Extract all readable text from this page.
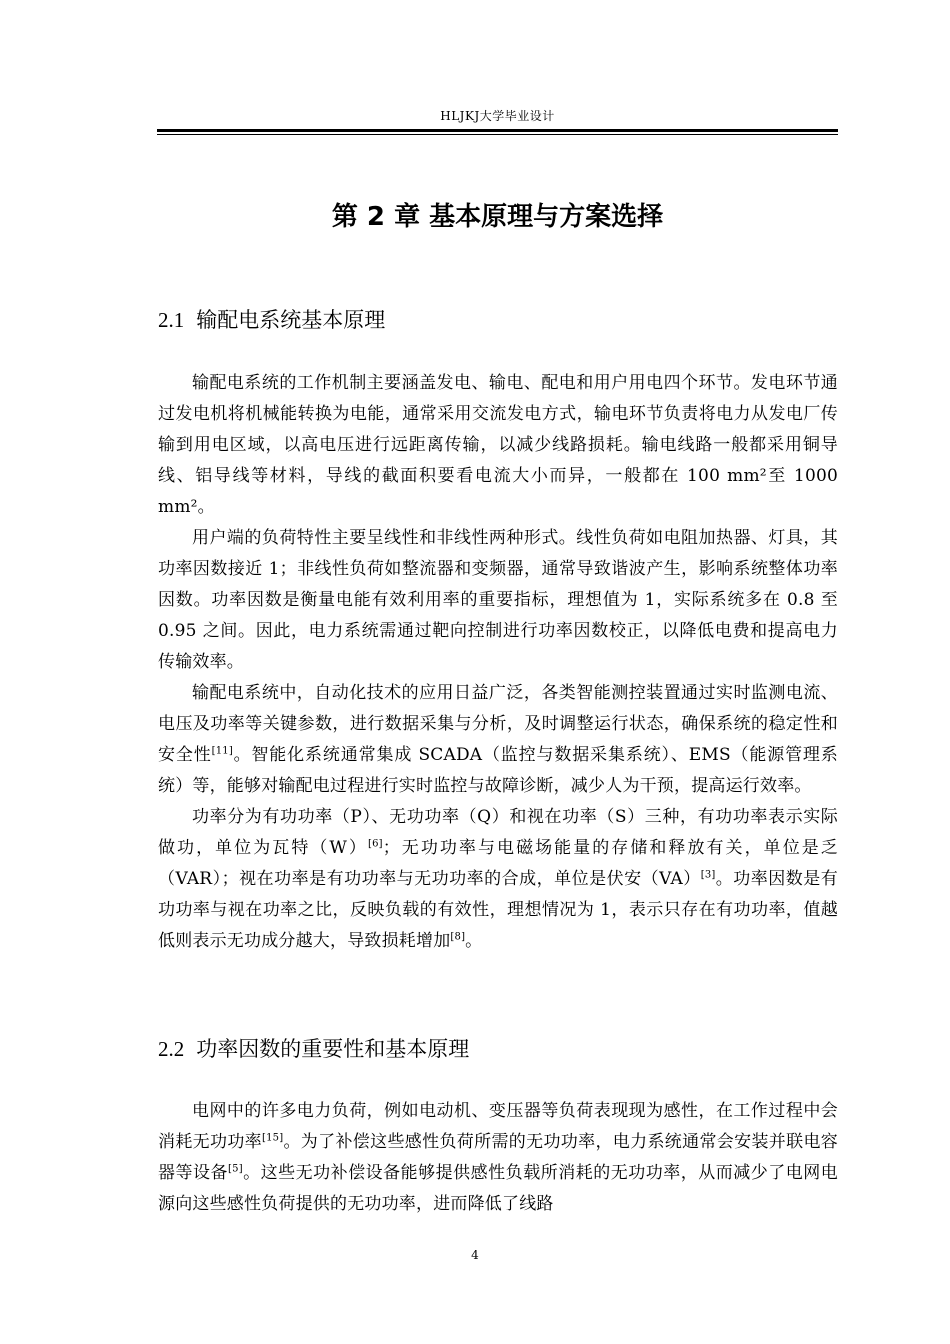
HLJKJ大学毕业设计
第 2 章 基本原理与方案选择
2.1 输配电系统基本原理

输配电系统的工作机制主要涵盖发电、输电、配电和用户用电四个环节。发电环节通过发电机将机械能转换为电能，通常采用交流发电方式，输电环节负责将电力从发电厂传输到用电区域，以高电压进行远距离传输，以减少线路损耗。输电线路一般都采用铜导线、铝导线等材料，导线的截面积要看电流大小而异，一般都在 100 mm²至 1000 mm²。

用户端的负荷特性主要呈线性和非线性两种形式。线性负荷如电阻加热器、灯具，其功率因数接近 1；非线性负荷如整流器和变频器，通常导致谐波产生，影响系统整体功率因数。功率因数是衡量电能有效利用率的重要指标，理想值为 1，实际系统多在 0.8 至 0.95 之间。因此，电力系统需通过靶向控制进行功率因数校正，以降低电费和提高电力传输效率。

输配电系统中，自动化技术的应用日益广泛，各类智能测控装置通过实时监测电流、电压及功率等关键参数，进行数据采集与分析，及时调整运行状态，确保系统的稳定性和安全性[11]。智能化系统通常集成 SCADA（监控与数据采集系统）、EMS（能源管理系统）等，能够对输配电过程进行实时监控与故障诊断，减少人为干预，提高运行效率。

功率分为有功功率（P）、无功功率（Q）和视在功率（S）三种，有功功率表示实际做功，单位为瓦特（W）[6]；无功功率与电磁场能量的存储和释放有关，单位是乏（VAR）；视在功率是有功功率与无功功率的合成，单位是伏安（VA）[3]。功率因数是有功功率与视在功率之比，反映负载的有效性，理想情况为 1，表示只存在有功功率，值越低则表示无功成分越大，导致损耗增加[8]。

2.2 功率因数的重要性和基本原理

电网中的许多电力负荷，例如电动机、变压器等负荷表现现为感性，在工作过程中会消耗无功功率[15]。为了补偿这些感性负荷所需的无功功率，电力系统通常会安装并联电容器等设备[5]。这些无功补偿设备能够提供感性负载所消耗的无功功率，从而减少了电网电源向这些感性负荷提供的无功功率，进而降低了线路

4
